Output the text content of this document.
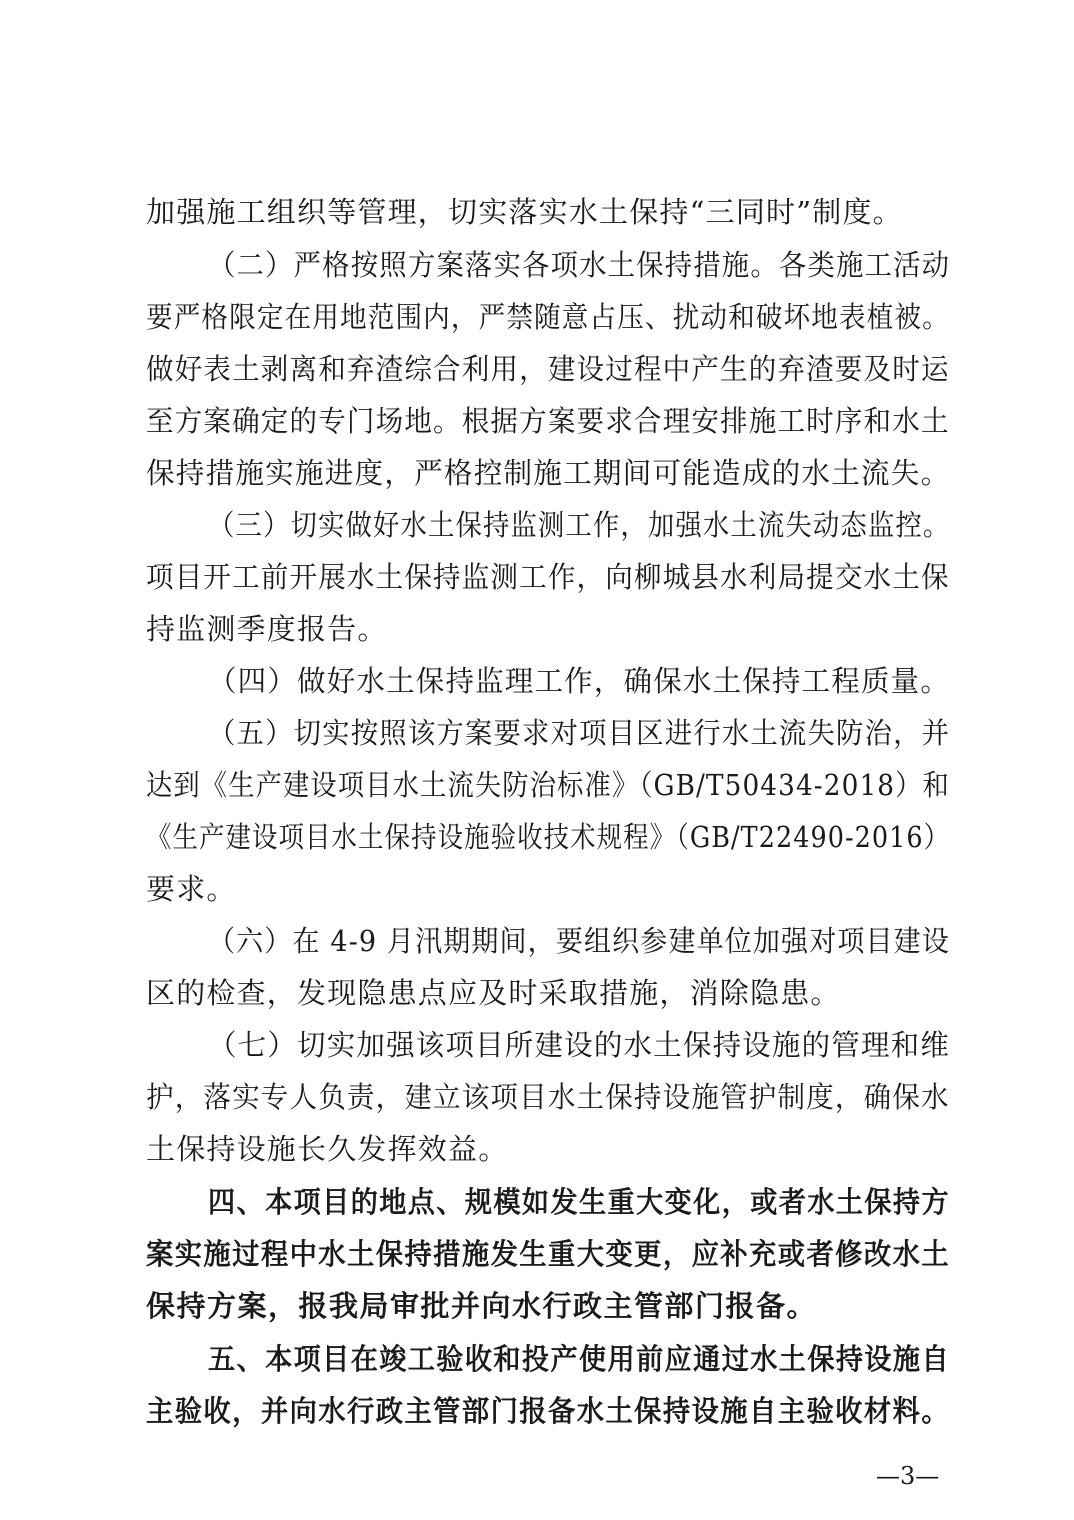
加强施工组织等管理，切实落实水土保持“三同时”制度。
（二）严格按照方案落实各项水土保持措施。各类施工活动
要严格限定在用地范围内，严禁随意占压、扰动和破坏地表植被。
做好表土剥离和弃渣综合利用，建设过程中产生的弃渣要及时运
至方案确定的专门场地。根据方案要求合理安排施工时序和水土
保持措施实施进度，严格控制施工期间可能造成的水土流失。
（三）切实做好水土保持监测工作，加强水土流失动态监控。
项目开工前开展水土保持监测工作，向柳城县水利局提交水土保
持监测季度报告。
（四）做好水土保持监理工作，确保水土保持工程质量。
（五）切实按照该方案要求对项目区进行水土流失防治，并
达到《生产建设项目水土流失防治标准》（GB/T50434-2018）和
《生产建设项目水土保持设施验收技术规程》（GB/T22490-2016）
要求。
（六）在 4-9 月汛期期间，要组织参建单位加强对项目建设
区的检查，发现隐患点应及时采取措施，消除隐患。
（七）切实加强该项目所建设的水土保持设施的管理和维
护，落实专人负责，建立该项目水土保持设施管护制度，确保水
土保持设施长久发挥效益。
四、本项目的地点、规模如发生重大变化，或者水土保持方
案实施过程中水土保持措施发生重大变更，应补充或者修改水土
保持方案，报我局审批并向水行政主管部门报备。
五、本项目在竣工验收和投产使用前应通过水土保持设施自
主验收，并向水行政主管部门报备水土保持设施自主验收材料。
—3—
